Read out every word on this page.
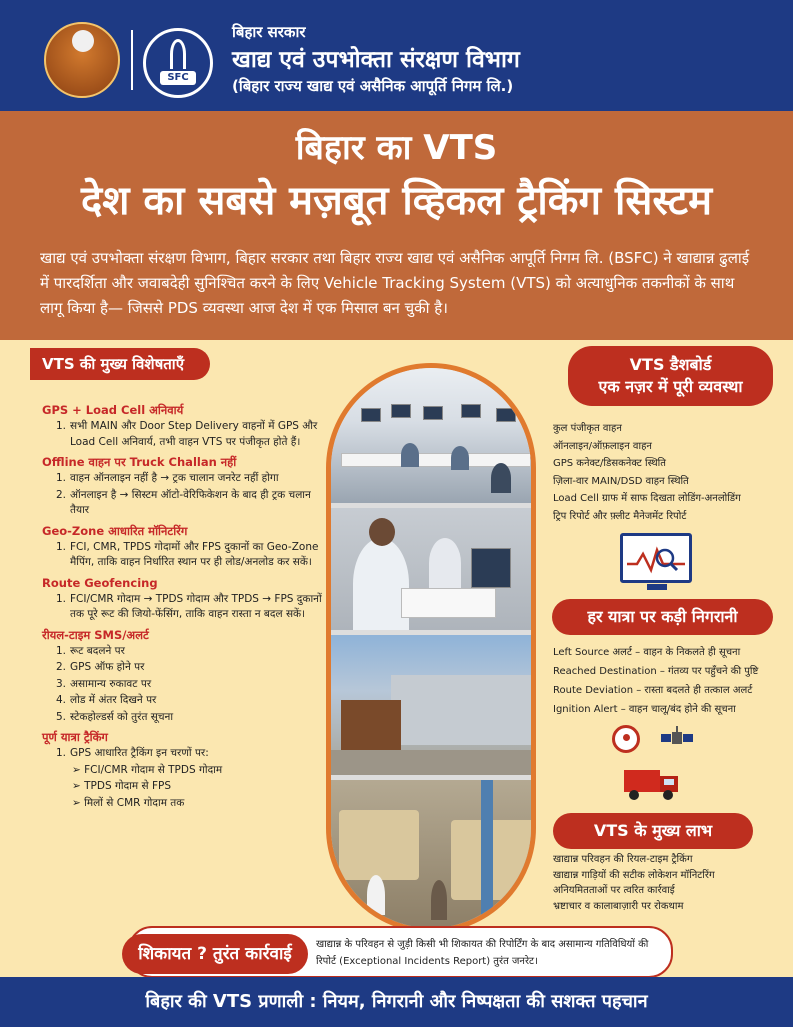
SFC
बिहार सरकार
खाद्य एवं उपभोक्ता संरक्षण विभाग
(बिहार राज्य खाद्य एवं असैनिक आपूर्ति निगम लि.)
बिहार का VTS
देश का सबसे मज़बूत व्हिकल ट्रैकिंग सिस्टम
खाद्य एवं उपभोक्ता संरक्षण विभाग, बिहार सरकार तथा बिहार राज्य खाद्य एवं असैनिक आपूर्ति निगम लि. (BSFC) ने खाद्यान्न ढुलाई में पारदर्शिता और जवाबदेही सुनिश्चित करने के लिए Vehicle Tracking System (VTS) को अत्याधुनिक तकनीकों के साथ लागू किया है— जिससे PDS व्यवस्था आज देश में एक मिसाल बन चुकी है।
VTS की मुख्य विशेषताएँ
GPS + Load Cell अनिवार्य
1. सभी MAIN और Door Step Delivery वाहनों में GPS और Load Cell अनिवार्य, तभी वाहन VTS पर पंजीकृत होते हैं।
Offline वाहन पर Truck Challan नहीं
1. वाहन ऑनलाइन नहीं है → ट्रक चालान जनरेट नहीं होगा
2. ऑनलाइन है → सिस्टम ऑटो-वेरिफिकेशन के बाद ही ट्रक चलान तैयार
Geo-Zone आधारित मॉनिटरिंग
1. FCI, CMR, TPDS गोदामों और FPS दुकानों का Geo-Zone मैपिंग, ताकि वाहन निर्धारित स्थान पर ही लोड/अनलोड कर सकें।
Route Geofencing
1. FCI/CMR गोदाम → TPDS गोदाम और TPDS → FPS दुकानों तक पूरे रूट की जियो-फेंसिंग, ताकि वाहन रास्ता न बदल सकें।
रीयल-टाइम SMS/अलर्ट
1. रूट बदलने पर
2. GPS ऑफ होने पर
3. असामान्य रुकावट पर
4. लोड में अंतर दिखने पर
5. स्टेकहोल्डर्स को तुरंत सूचना
पूर्ण यात्रा ट्रैकिंग
1. GPS आधारित ट्रैकिंग इन चरणों पर:
➢ FCI/CMR गोदाम से TPDS गोदाम
➢ TPDS गोदाम से FPS
➢ मिलों से CMR गोदाम तक
VTS डैशबोर्ड
एक नज़र में पूरी व्यवस्था
कुल पंजीकृत वाहन
ऑनलाइन/ऑफ़लाइन वाहन
GPS कनेक्ट/डिसकनेक्ट स्थिति
ज़िला-वार MAIN/DSD वाहन स्थिति
Load Cell ग्राफ में साफ दिखता लोडिंग-अनलोडिंग
ट्रिप रिपोर्ट और फ़्लीट मैनेजमेंट रिपोर्ट
हर यात्रा पर कड़ी निगरानी
Left Source अलर्ट – वाहन के निकलते ही सूचना
Reached Destination – गंतव्य पर पहुँचने की पुष्टि
Route Deviation – रास्ता बदलते ही तत्काल अलर्ट
Ignition Alert – वाहन चालू/बंद होने की सूचना
VTS के मुख्य लाभ
खाद्यान्न परिवहन की रियल-टाइम ट्रैकिंग
खाद्यान्न गाड़ियों की सटीक लोकेशन मॉनिटरिंग
अनियमितताओं पर त्वरित कार्रवाई
भ्रष्टाचार व कालाबाज़ारी पर रोकथाम
शिकायत ? तुरंत कार्रवाई	खाद्यान्न के परिवहन से जुड़ी किसी भी शिकायत की रिपोर्टिंग के बाद असामान्य गतिविधियों की रिपोर्ट (Exceptional Incidents Report) तुरंत जनरेट।
बिहार की VTS प्रणाली : नियम, निगरानी और निष्पक्षता की सशक्त पहचान
